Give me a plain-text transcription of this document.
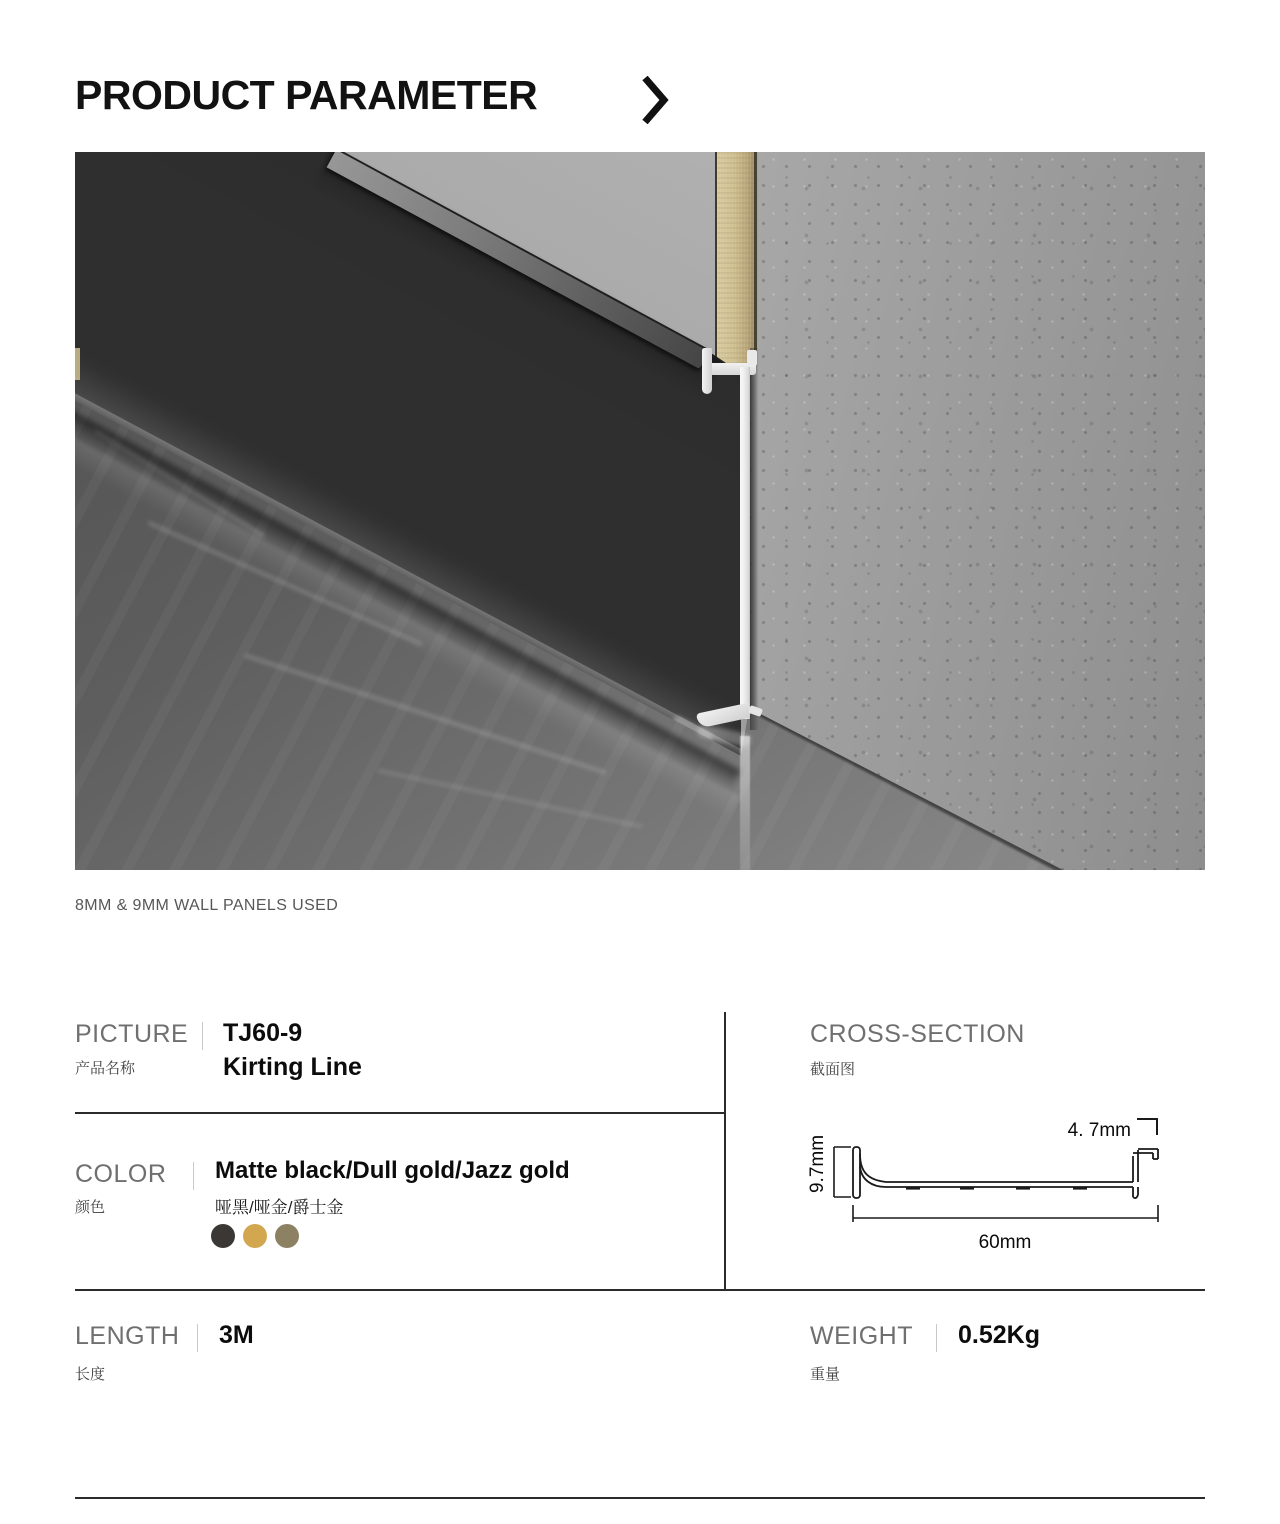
PRODUCT PARAMETER
8MM & 9MM WALL PANELS USED
PICTURE
产品名称
TJ60-9
Kirting Line
COLOR
颜色
Matte black/Dull gold/Jazz gold
哑黑/哑金/爵士金
CROSS-SECTION
截面图
9.7mm
4. 7mm
60mm
LENGTH
长度
3M	WEIGHT
重量
0.52Kg
